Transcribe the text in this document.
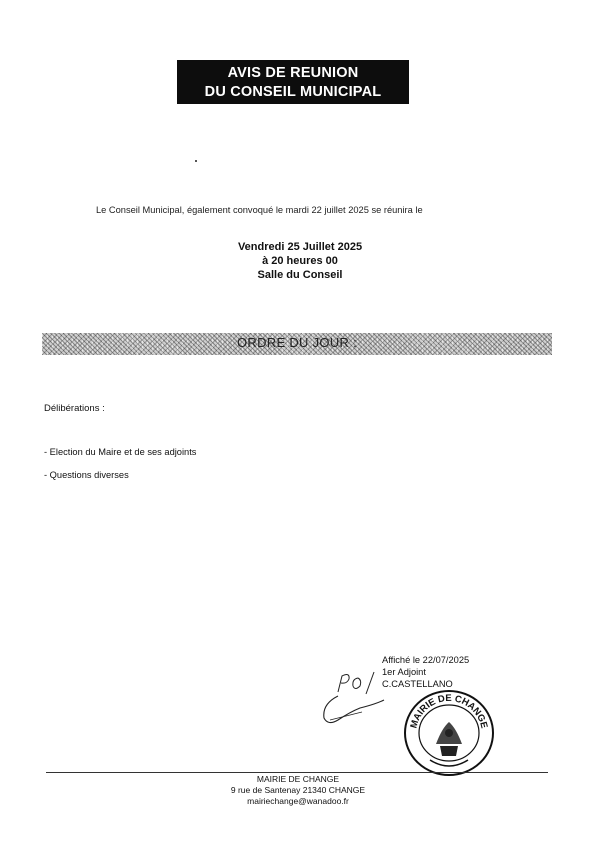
AVIS DE REUNION
DU CONSEIL MUNICIPAL
Le Conseil Municipal, également convoqué le mardi 22 juillet 2025 se réunira le
Vendredi 25 Juillet 2025
à 20 heures 00
Salle du Conseil
ORDRE DU JOUR :
Délibérations :
- Election du Maire et de ses adjoints
- Questions diverses
Affiché le 22/07/2025
1er Adjoint
C.CASTELLANO
MAIRIE DE CHANGE
MAIRIE DE CHANGE
9 rue de Santenay 21340 CHANGE
mairiechange@wanadoo.fr
